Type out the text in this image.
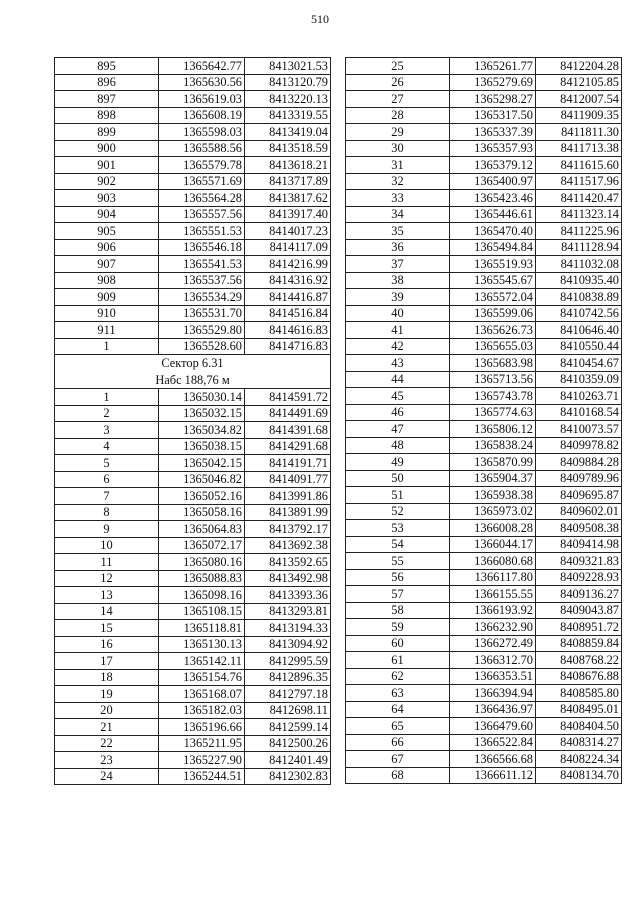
510
895	1365642.77	8413021.53
896	1365630.56	8413120.79
897	1365619.03	8413220.13
898	1365608.19	8413319.55
899	1365598.03	8413419.04
900	1365588.56	8413518.59
901	1365579.78	8413618.21
902	1365571.69	8413717.89
903	1365564.28	8413817.62
904	1365557.56	8413917.40
905	1365551.53	8414017.23
906	1365546.18	8414117.09
907	1365541.53	8414216.99
908	1365537.56	8414316.92
909	1365534.29	8414416.87
910	1365531.70	8414516.84
911	1365529.80	8414616.83
1	1365528.60	8414716.83
Сектор 6.31		
Набс 188,76 м		
1	1365030.14	8414591.72
2	1365032.15	8414491.69
3	1365034.82	8414391.68
4	1365038.15	8414291.68
5	1365042.15	8414191.71
6	1365046.82	8414091.77
7	1365052.16	8413991.86
8	1365058.16	8413891.99
9	1365064.83	8413792.17
10	1365072.17	8413692.38
11	1365080.16	8413592.65
12	1365088.83	8413492.98
13	1365098.16	8413393.36
14	1365108.15	8413293.81
15	1365118.81	8413194.33
16	1365130.13	8413094.92
17	1365142.11	8412995.59
18	1365154.76	8412896.35
19	1365168.07	8412797.18
20	1365182.03	8412698.11
21	1365196.66	8412599.14
22	1365211.95	8412500.26
23	1365227.90	8412401.49
24	1365244.51	8412302.83
25	1365261.77	8412204.28
26	1365279.69	8412105.85
27	1365298.27	8412007.54
28	1365317.50	8411909.35
29	1365337.39	8411811.30
30	1365357.93	8411713.38
31	1365379.12	8411615.60
32	1365400.97	8411517.96
33	1365423.46	8411420.47
34	1365446.61	8411323.14
35	1365470.40	8411225.96
36	1365494.84	8411128.94
37	1365519.93	8411032.08
38	1365545.67	8410935.40
39	1365572.04	8410838.89
40	1365599.06	8410742.56
41	1365626.73	8410646.40
42	1365655.03	8410550.44
43	1365683.98	8410454.67
44	1365713.56	8410359.09
45	1365743.78	8410263.71
46	1365774.63	8410168.54
47	1365806.12	8410073.57
48	1365838.24	8409978.82
49	1365870.99	8409884.28
50	1365904.37	8409789.96
51	1365938.38	8409695.87
52	1365973.02	8409602.01
53	1366008.28	8409508.38
54	1366044.17	8409414.98
55	1366080.68	8409321.83
56	1366117.80	8409228.93
57	1366155.55	8409136.27
58	1366193.92	8409043.87
59	1366232.90	8408951.72
60	1366272.49	8408859.84
61	1366312.70	8408768.22
62	1366353.51	8408676.88
63	1366394.94	8408585.80
64	1366436.97	8408495.01
65	1366479.60	8408404.50
66	1366522.84	8408314.27
67	1366566.68	8408224.34
68	1366611.12	8408134.70
